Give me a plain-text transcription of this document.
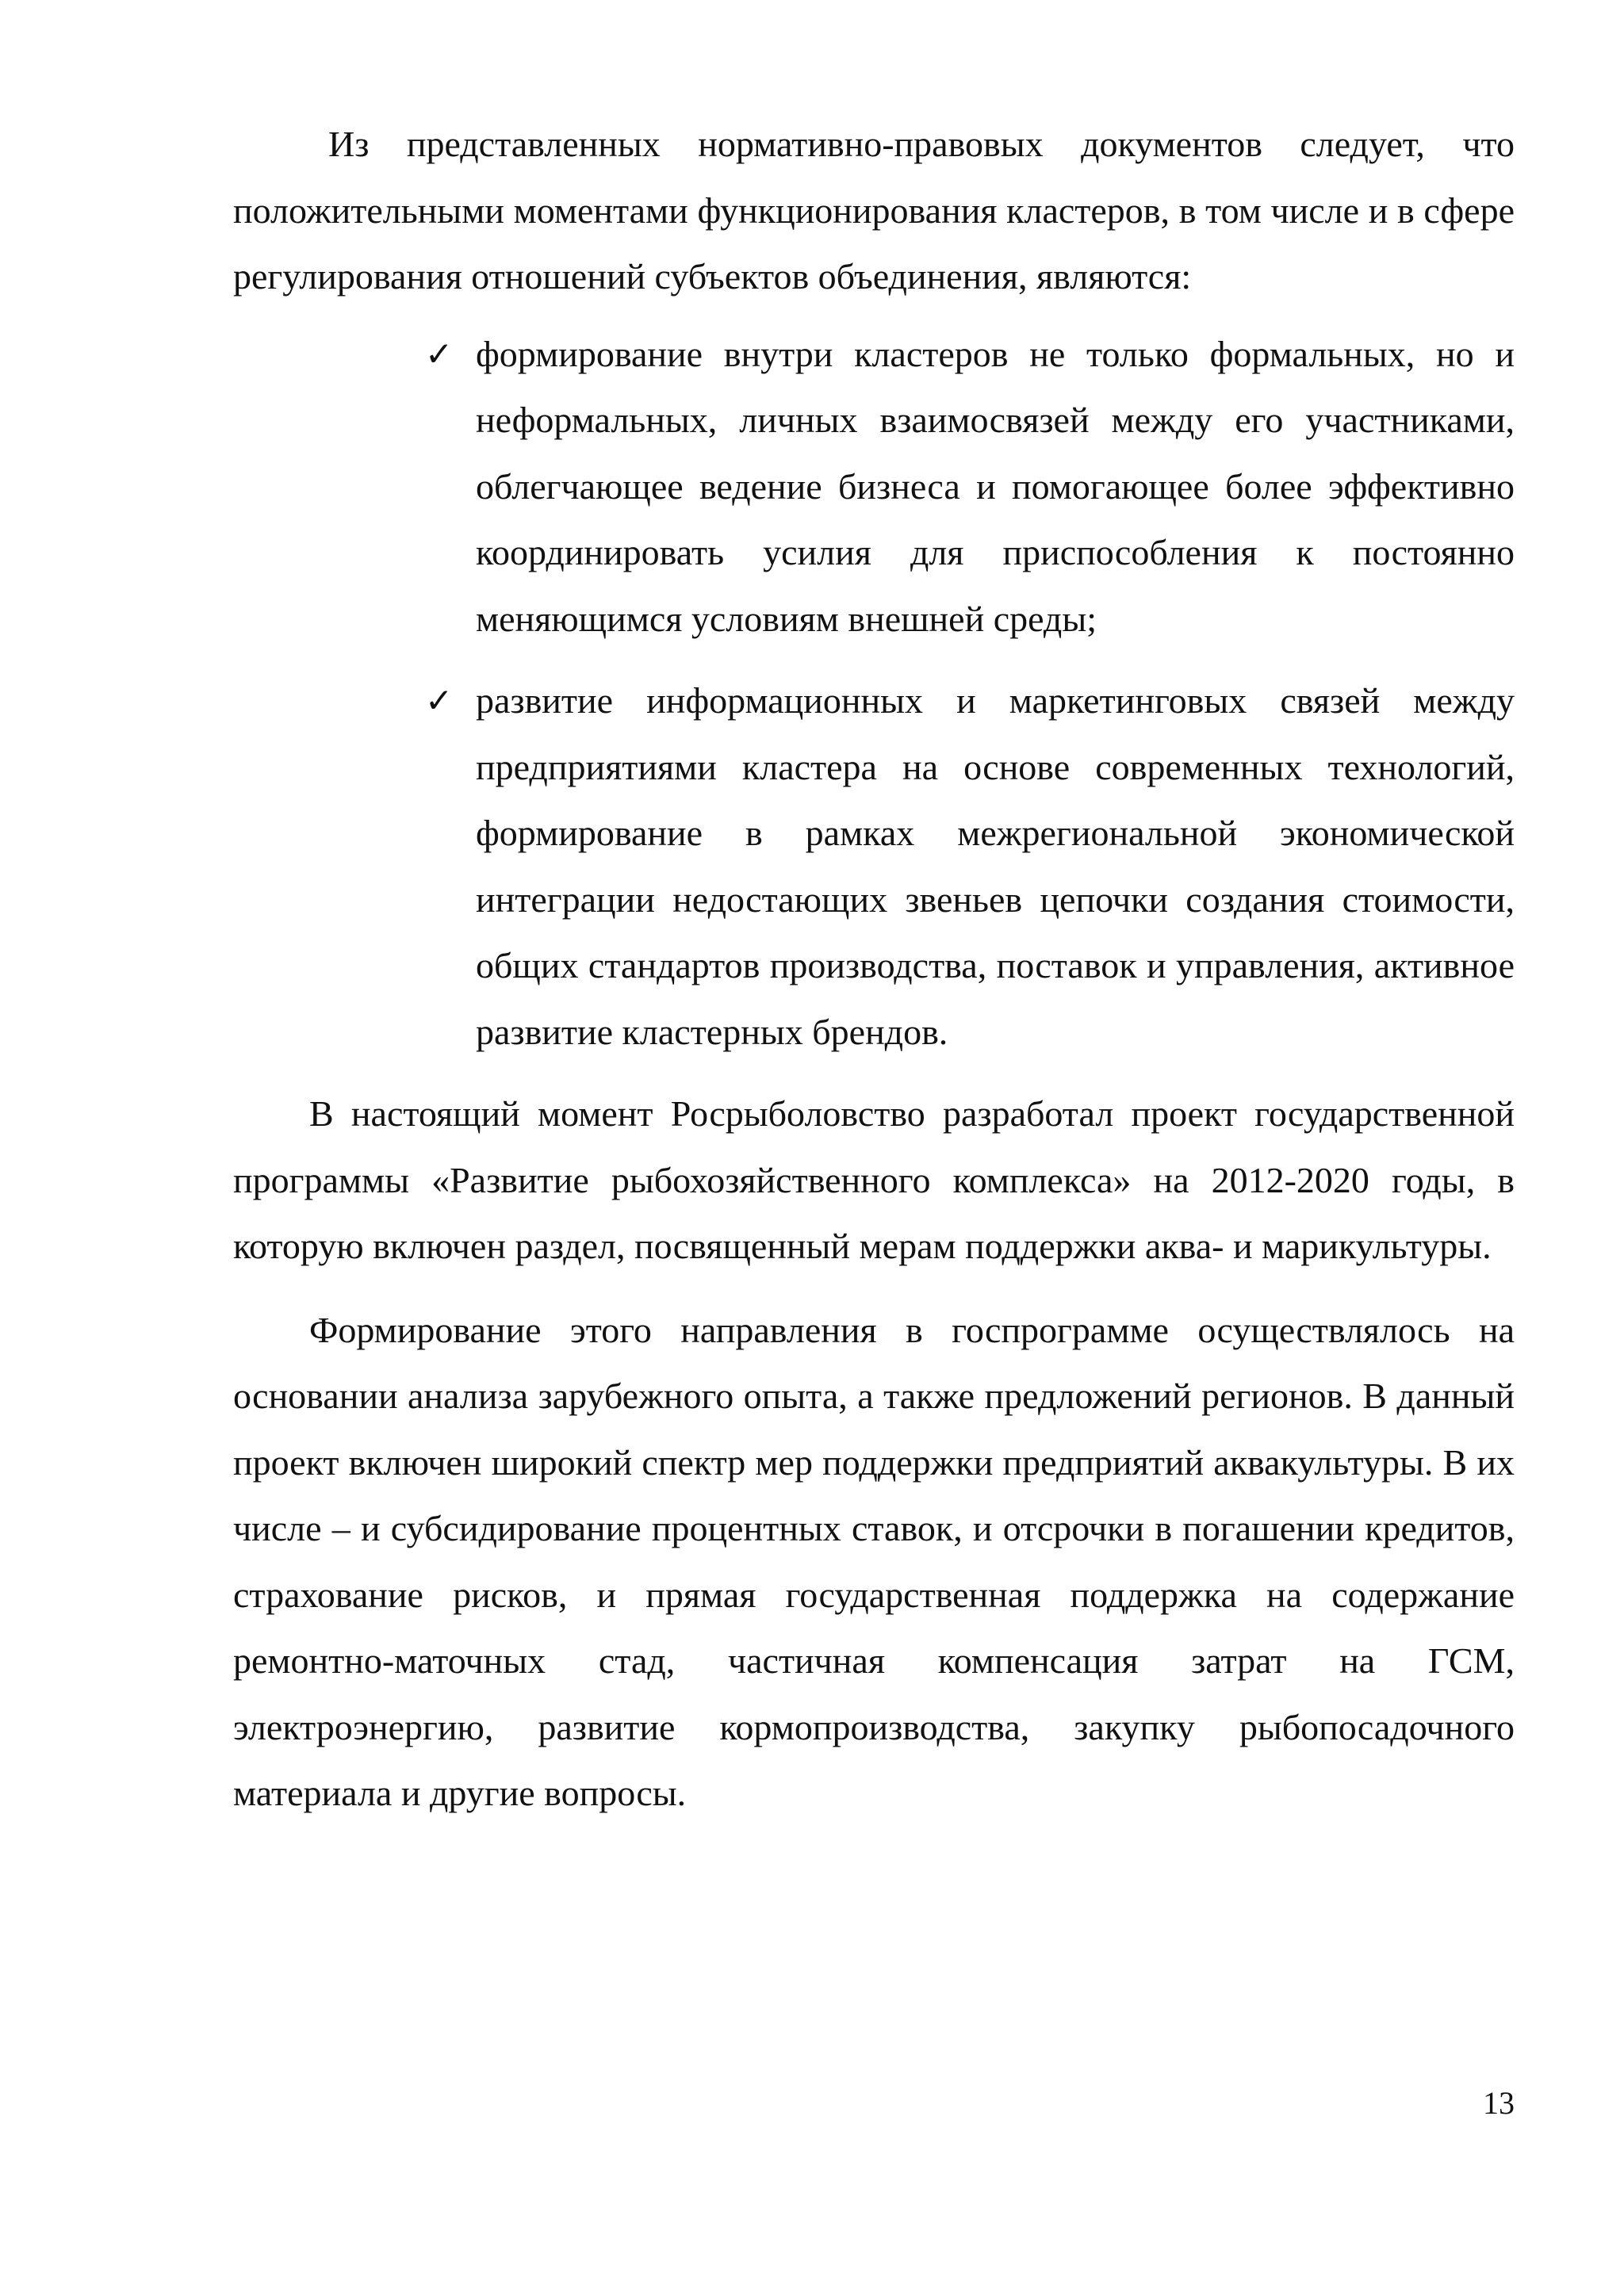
Из представленных нормативно-правовых документов следует, что положительными моментами функционирования кластеров, в том числе и в сфере регулирования отношений субъектов объединения, являются:

✓ формирование внутри кластеров не только формальных, но и неформальных, личных взаимосвязей между его участниками, облегчающее ведение бизнеса и помогающее более эффективно координировать усилия для приспособления к постоянно меняющимся условиям внешней среды;
✓ развитие информационных и маркетинговых связей между предприятиями кластера на основе современных технологий, формирование в рамках межрегиональной экономической интеграции недостающих звеньев цепочки создания стоимости, общих стандартов производства, поставок и управления, активное развитие кластерных брендов.

В настоящий момент Росрыболовство разработал проект государственной программы «Развитие рыбохозяйственного комплекса» на 2012-2020 годы, в которую включен раздел, посвященный мерам поддержки аква- и марикультуры.

Формирование этого направления в госпрограмме осуществлялось на основании анализа зарубежного опыта, а также предложений регионов. В данный проект включен широкий спектр мер поддержки предприятий аквакультуры. В их числе – и субсидирование процентных ставок, и отсрочки в погашении кредитов, страхование рисков, и прямая государственная поддержка на содержание ремонтно-маточных стад, частичная компенсация затрат на ГСМ, электроэнергию, развитие кормопроизводства, закупку рыбопосадочного материала и другие вопросы.

13
